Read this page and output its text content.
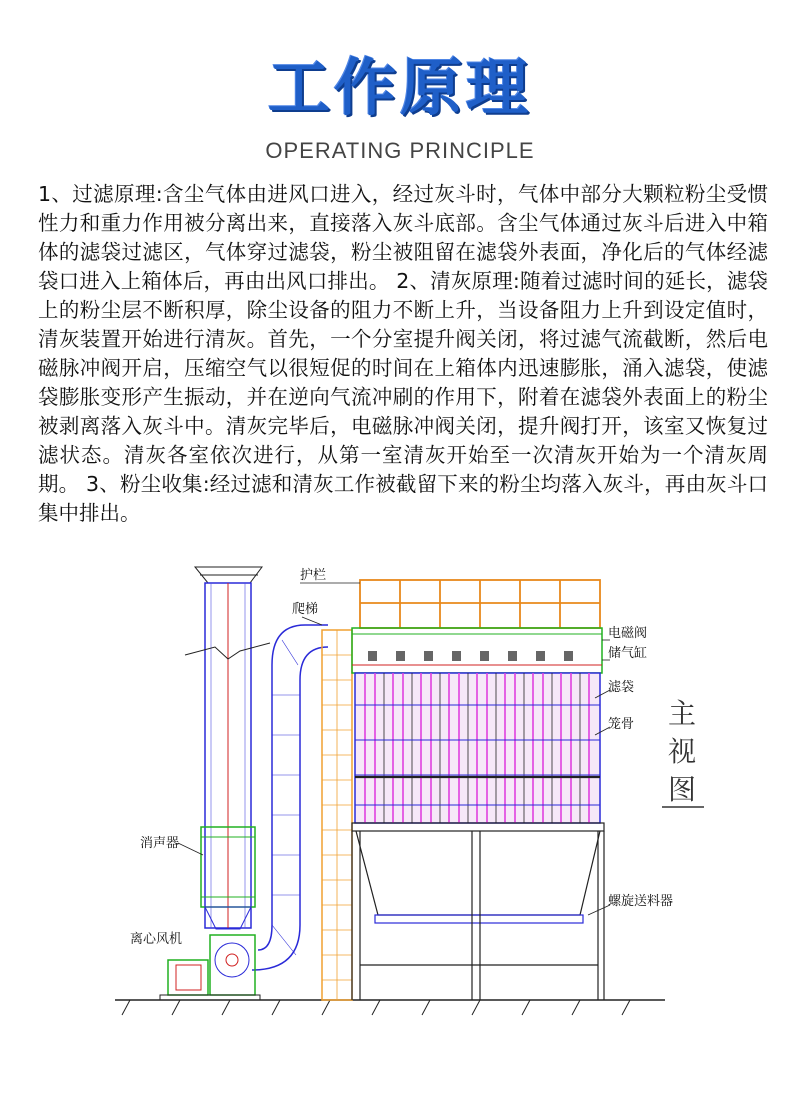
工作原理
OPERATING PRINCIPLE

1、过滤原理:含尘气体由进风口进入，经过灰斗时，气体中部分大颗粒粉尘受惯性力和重力作用被分离出来，直接落入灰斗底部。含尘气体通过灰斗后进入中箱体的滤袋过滤区，气体穿过滤袋，粉尘被阻留在滤袋外表面，净化后的气体经滤袋口进入上箱体后，再由出风口排出。 2、清灰原理:随着过滤时间的延长，滤袋上的粉尘层不断积厚，除尘设备的阻力不断上升，当设备阻力上升到设定值时，清灰装置开始进行清灰。首先，一个分室提升阀关闭，将过滤气流截断，然后电磁脉冲阀开启，压缩空气以很短促的时间在上箱体内迅速膨胀，涌入滤袋，使滤袋膨胀变形产生振动，并在逆向气流冲刷的作用下，附着在滤袋外表面上的粉尘被剥离落入灰斗中。清灰完毕后，电磁脉冲阀关闭，提升阀打开，该室又恢复过滤状态。清灰各室依次进行，从第一室清灰开始至一次清灰开始为一个清灰周期。 3、粉尘收集:经过滤和清灰工作被截留下来的粉尘均落入灰斗，再由灰斗口集中排出。

护栏
爬梯
电磁阀
储气缸
滤袋
笼骨
消声器
离心风机
螺旋送料器
主
视
图
